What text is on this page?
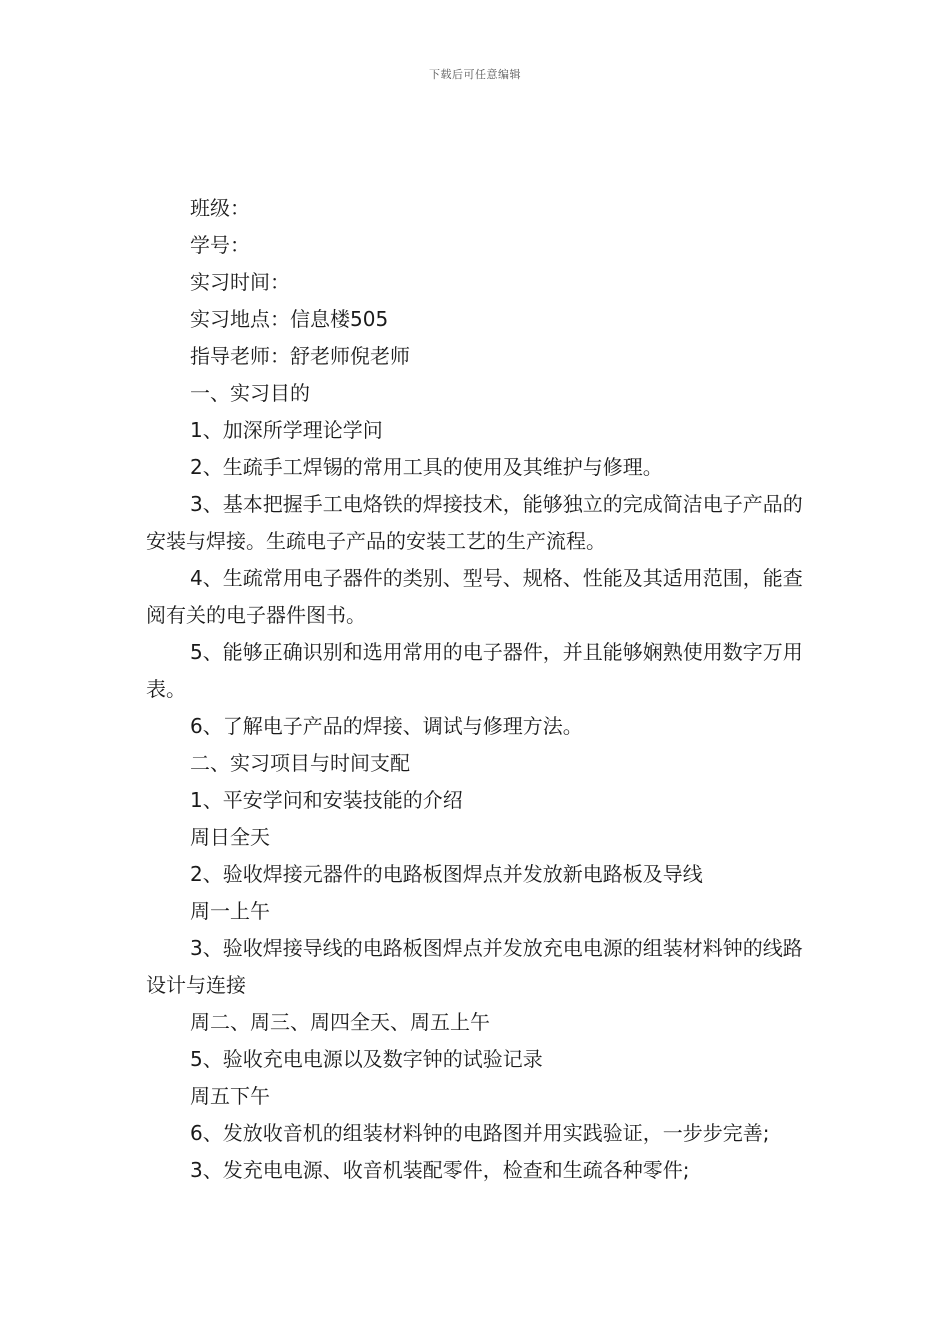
下载后可任意编辑

班级：

学号：

实习时间：

实习地点：信息楼505

指导老师：舒老师倪老师

一、实习目的

1、加深所学理论学问

2、生疏手工焊锡的常用工具的使用及其维护与修理。

3、基本把握手工电烙铁的焊接技术，能够独立的完成简洁电子产品的安装与焊接。生疏电子产品的安装工艺的生产流程。

4、生疏常用电子器件的类别、型号、规格、性能及其适用范围，能查阅有关的电子器件图书。

5、能够正确识别和选用常用的电子器件，并且能够娴熟使用数字万用表。

6、了解电子产品的焊接、调试与修理方法。

二、实习项目与时间支配

1、平安学问和安装技能的介绍

周日全天

2、验收焊接元器件的电路板图焊点并发放新电路板及导线

周一上午

3、验收焊接导线的电路板图焊点并发放充电电源的组装材料钟的线路设计与连接

周二、周三、周四全天、周五上午

5、验收充电电源以及数字钟的试验记录

周五下午

6、发放收音机的组装材料钟的电路图并用实践验证，一步步完善;

3、发充电电源、收音机装配零件，检查和生疏各种零件;
